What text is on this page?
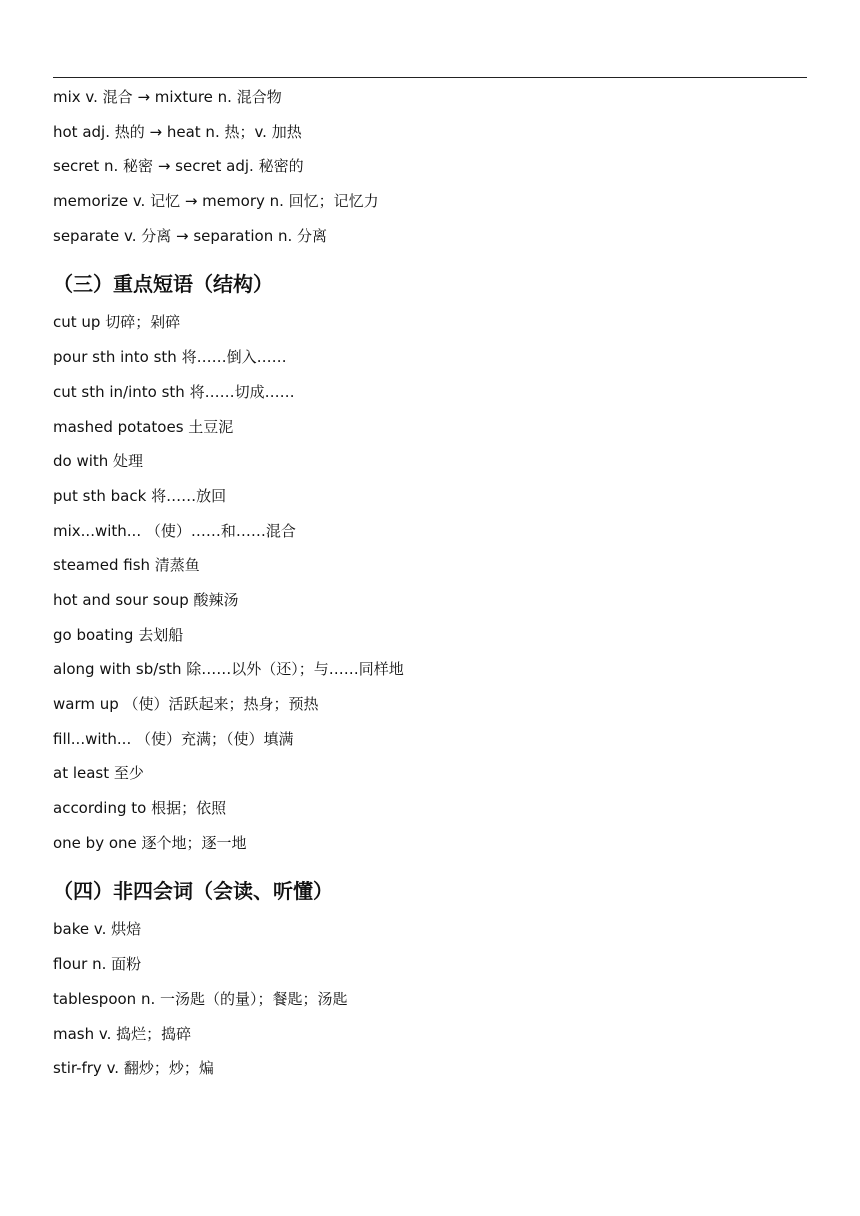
mix v. 混合 → mixture n. 混合物
hot adj. 热的 → heat n. 热；v. 加热
secret n. 秘密 → secret adj. 秘密的
memorize v. 记忆 → memory n. 回忆；记忆力
separate v. 分离 → separation n. 分离
（三）重点短语（结构）
cut up 切碎；剁碎
pour sth into sth 将……倒入……
cut sth in/into sth 将……切成……
mashed potatoes 土豆泥
do with 处理
put sth back 将……放回
mix...with... （使）……和……混合
steamed fish 清蒸鱼
hot and sour soup 酸辣汤
go boating 去划船
along with sb/sth 除……以外（还）；与……同样地
warm up （使）活跃起来；热身；预热
fill...with... （使）充满；（使）填满
at least 至少
according to 根据；依照
one by one 逐个地；逐一地
（四）非四会词（会读、听懂）
bake v. 烘焙
flour n. 面粉
tablespoon n. 一汤匙（的量）；餐匙；汤匙
mash v. 捣烂；捣碎
stir-fry v. 翻炒；炒；煸
